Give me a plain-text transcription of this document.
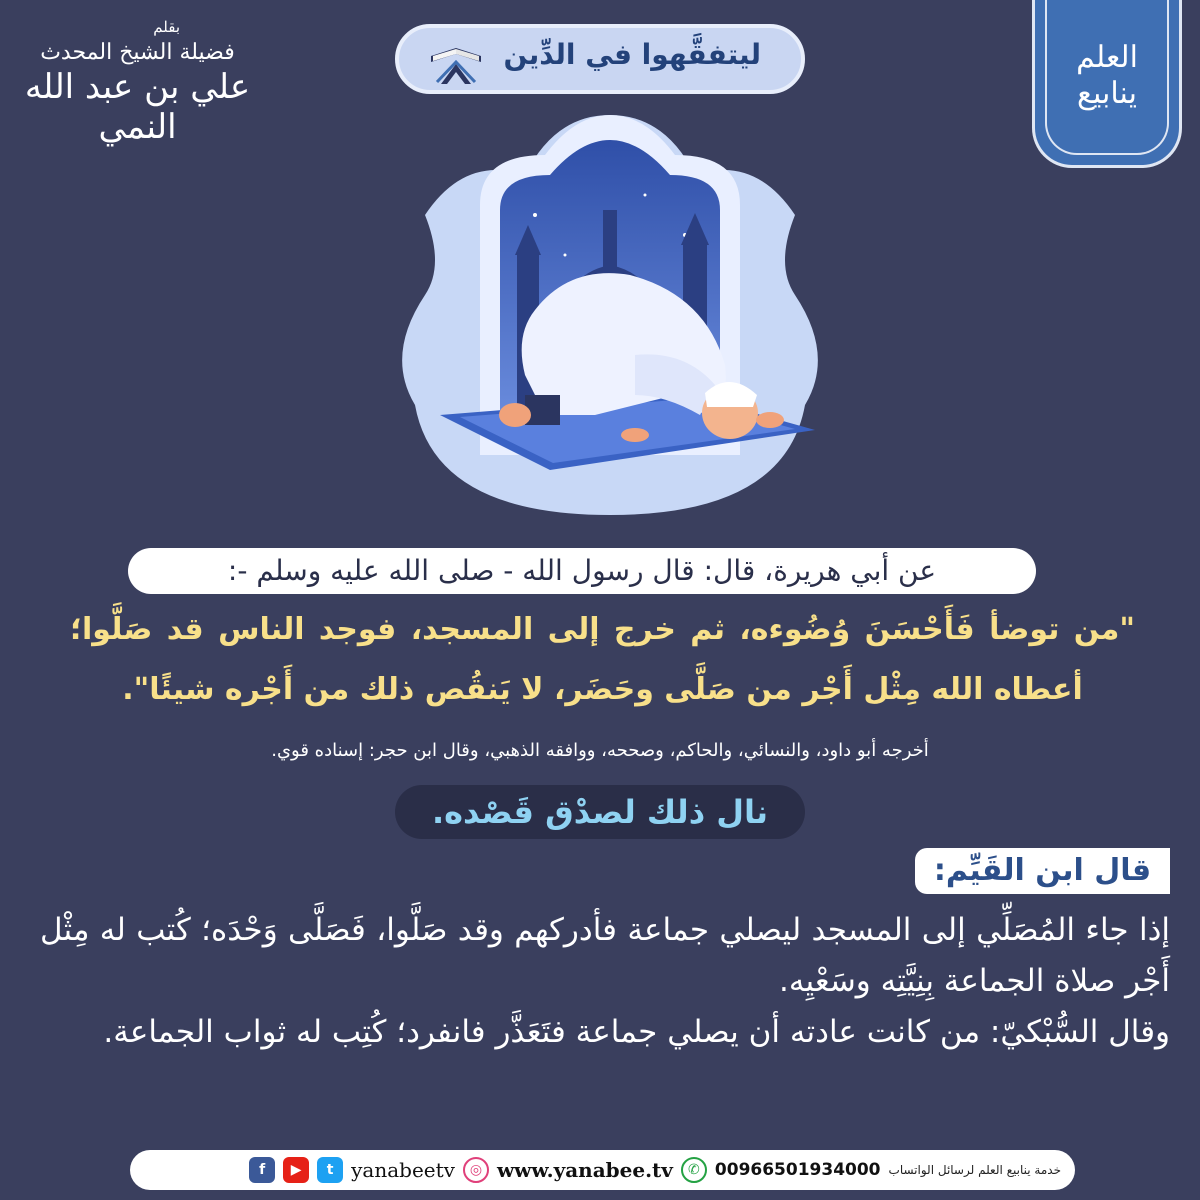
العلم
ينابيع
بقلم
فضيلة الشيخ المحدث
علي بن عبد الله النمي
ليتفقَّهوا في الدِّين
عن أبي هريرة، قال: قال رسول الله - صلى الله عليه وسلم -:
"من توضأ فَأَحْسَنَ وُضُوءه، ثم خرج إلى المسجد، فوجد الناس قد صَلَّوا؛ أعطاه الله مِثْل أَجْر من صَلَّى وحَضَر، لا يَنقُص ذلك من أَجْره شيئًا".
أخرجه أبو داود، والنسائي، والحاكم، وصححه، ووافقه الذهبي، وقال ابن حجر: إسناده قوي.
نال ذلك لصدْق قَصْده.
قال ابن القَيِّم:

إذا جاء المُصَلِّي إلى المسجد ليصلي جماعة فأدركهم وقد صَلَّوا، فَصَلَّى وَحْدَه؛ كُتب له مِثْل أَجْر صلاة الجماعة بِنِيَّتِه وسَعْيِه.

وقال السُّبْكيّ: من كانت عادته أن يصلي جماعة فتَعَذَّر فانفرد؛ كُتِب له ثواب الجماعة.

خدمة ينابيع العلم لرسائل الواتساب
00966501934000
✆
www.yanabee.tv
◎
yanabeetv
t
▶
f
